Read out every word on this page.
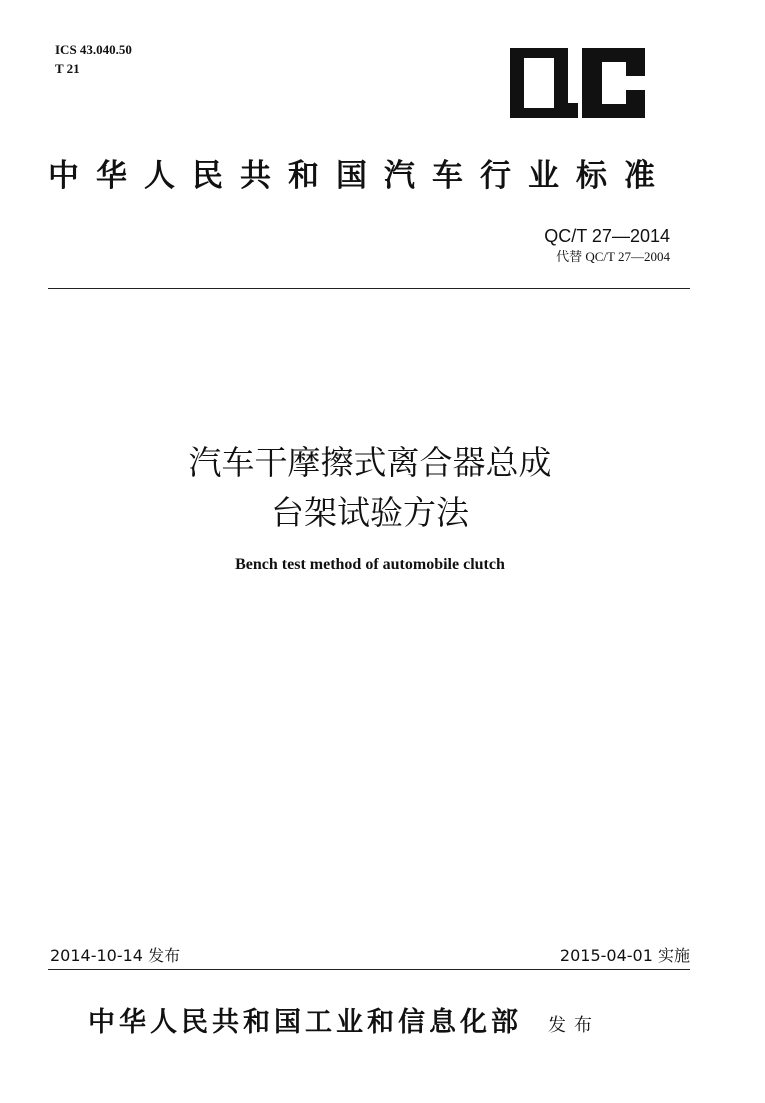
ICS 43.040.50
T 21
中华人民共和国汽车行业标准
QC/T 27—2014
代替 QC/T 27—2004
汽车干摩擦式离合器总成
台架试验方法
Bench test method of automobile clutch
2014-10-14 发布	2015-04-01 实施
中华人民共和国工业和信息化部 发布
